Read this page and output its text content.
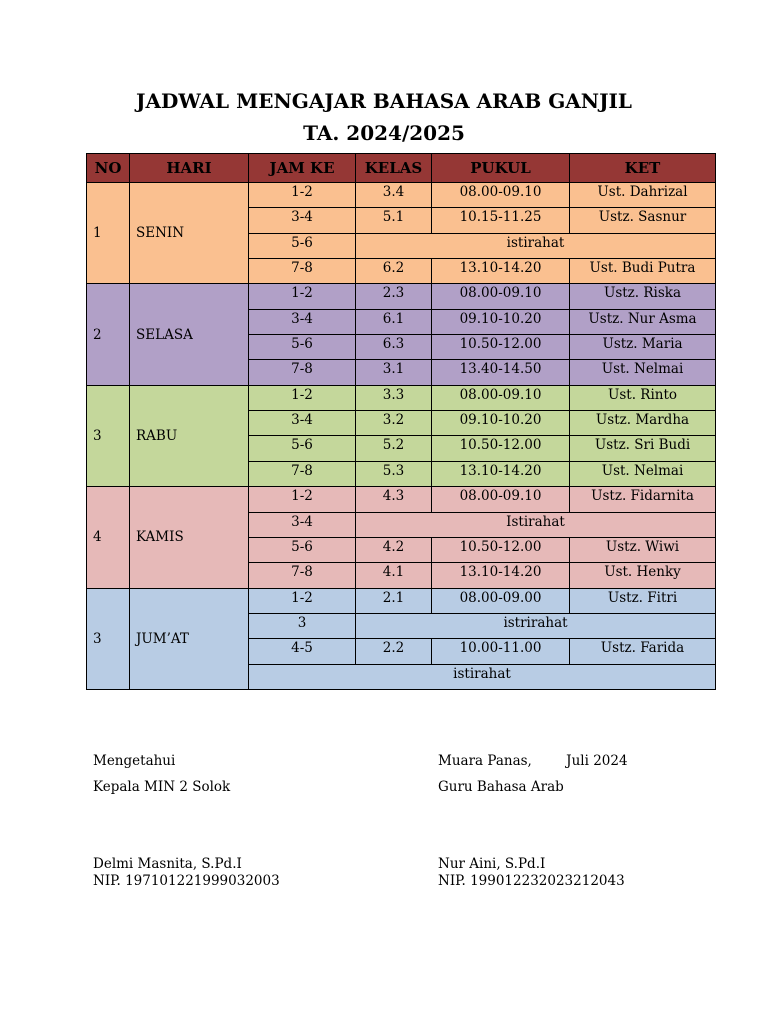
JADWAL MENGAJAR BAHASA ARAB GANJIL
TA. 2024/2025
NO	HARI	JAM KE	KELAS	PUKUL	KET
1	SENIN	1-2	3.4	08.00-09.10	Ust. Dahrizal
		3-4	5.1	10.15-11.25	Ustz. Sasnur
		5-6	istirahat		
		7-8	6.2	13.10-14.20	Ust. Budi Putra
2	SELASA	1-2	2.3	08.00-09.10	Ustz. Riska
		3-4	6.1	09.10-10.20	Ustz. Nur Asma
		5-6	6.3	10.50-12.00	Ustz. Maria
		7-8	3.1	13.40-14.50	Ust. Nelmai
3	RABU	1-2	3.3	08.00-09.10	Ust. Rinto
		3-4	3.2	09.10-10.20	Ustz. Mardha
		5-6	5.2	10.50-12.00	Ustz. Sri Budi
		7-8	5.3	13.10-14.20	Ust. Nelmai
4	KAMIS	1-2	4.3	08.00-09.10	Ustz. Fidarnita
		3-4	Istirahat		
		5-6	4.2	10.50-12.00	Ustz. Wiwi
		7-8	4.1	13.10-14.20	Ust. Henky
3	JUM’AT	1-2	2.1	08.00-09.00	Ustz. Fitri
		3	istrirahat		
		4-5	2.2	10.00-11.00	Ustz. Farida
		istirahat			
Mengetahui
Kepala MIN 2 Solok
Delmi Masnita, S.Pd.I
NIP. 197101221999032003
Muara Panas,        Juli 2024
Guru Bahasa Arab
Nur Aini, S.Pd.I
NIP. 199012232023212043
